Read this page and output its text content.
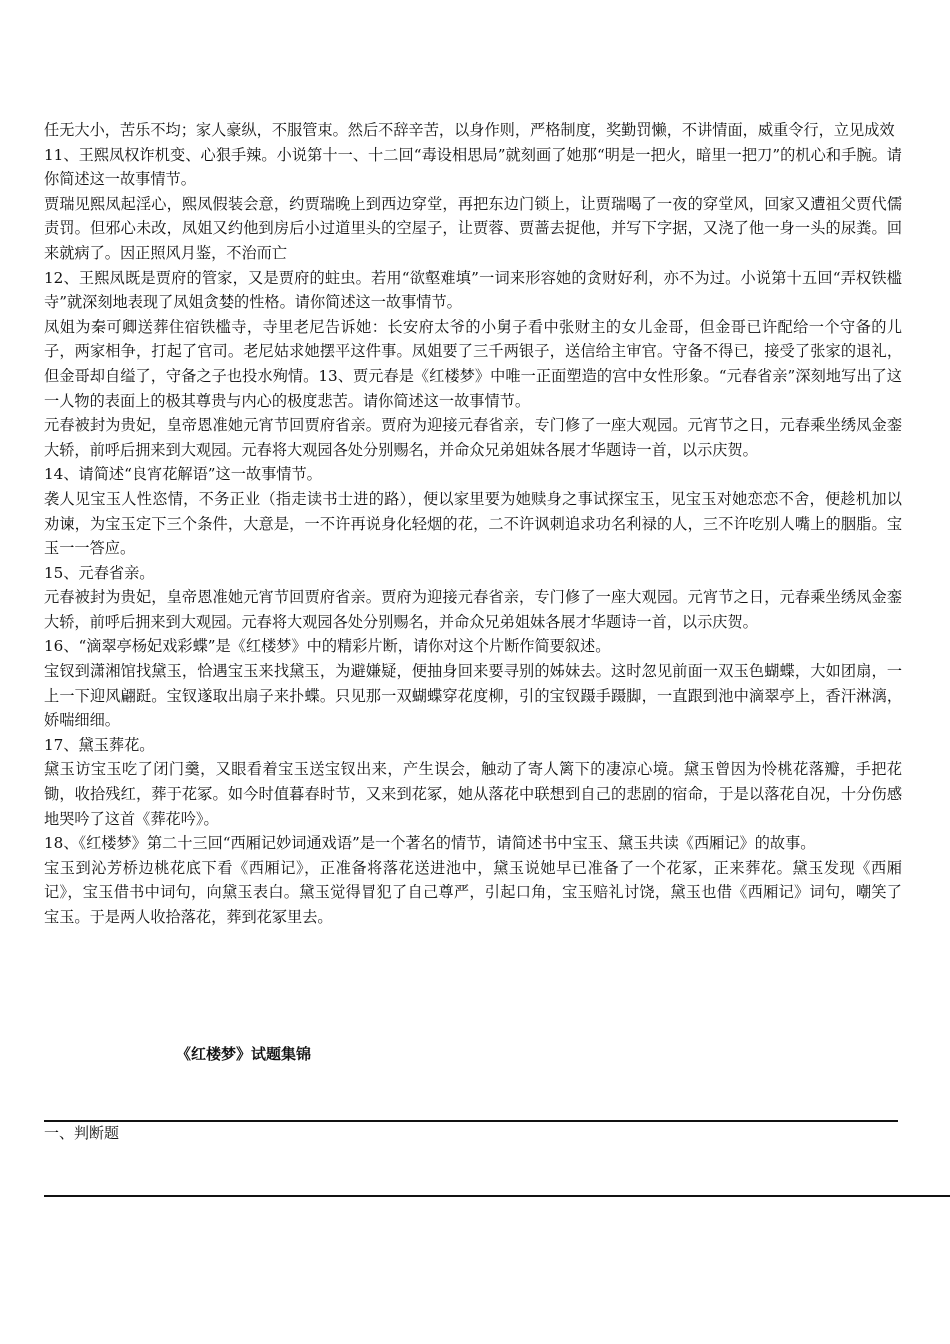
任无大小，苦乐不均；家人豪纵，不服管束。然后不辞辛苦，以身作则，严格制度，奖勤罚懒，不讲情面，威重令行，立见成效

11、王熙凤权诈机变、心狠手辣。小说第十一、十二回“毒设相思局”就刻画了她那“明是一把火，暗里一把刀”的机心和手腕。请你简述这一故事情节。

贾瑞见熙凤起淫心，熙凤假装会意，约贾瑞晚上到西边穿堂，再把东边门锁上，让贾瑞喝了一夜的穿堂风，回家又遭祖父贾代儒责罚。但邪心未改，凤姐又约他到房后小过道里头的空屋子，让贾蓉、贾蔷去捉他，并写下字据，又浇了他一身一头的尿粪。回来就病了。因正照风月鉴，不治而亡

12、王熙凤既是贾府的管家，又是贾府的蛀虫。若用“欲壑难填”一词来形容她的贪财好利，亦不为过。小说第十五回“弄权铁槛寺”就深刻地表现了凤姐贪婪的性格。请你简述这一故事情节。

凤姐为秦可卿送葬住宿铁槛寺，寺里老尼告诉她：长安府太爷的小舅子看中张财主的女儿金哥，但金哥已许配给一个守备的儿子，两家相争，打起了官司。老尼姑求她摆平这件事。凤姐要了三千两银子，送信给主审官。守备不得已，接受了张家的退礼，但金哥却自缢了，守备之子也投水殉情。13、贾元春是《红楼梦》中唯一正面塑造的宫中女性形象。“元春省亲”深刻地写出了这一人物的表面上的极其尊贵与内心的极度悲苦。请你简述这一故事情节。

元春被封为贵妃，皇帝恩准她元宵节回贾府省亲。贾府为迎接元春省亲，专门修了一座大观园。元宵节之日，元春乘坐绣凤金銮大轿，前呼后拥来到大观园。元春将大观园各处分别赐名，并命众兄弟姐妹各展才华题诗一首，以示庆贺。

14、请简述“良宵花解语”这一故事情节。

袭人见宝玉人性恣情，不务正业（指走读书士进的路），便以家里要为她赎身之事试探宝玉，见宝玉对她恋恋不舍，便趁机加以劝谏，为宝玉定下三个条件，大意是，一不许再说身化轻烟的花，二不许讽刺追求功名利禄的人，三不许吃别人嘴上的胭脂。宝玉一一答应。

15、元春省亲。

元春被封为贵妃，皇帝恩准她元宵节回贾府省亲。贾府为迎接元春省亲，专门修了一座大观园。元宵节之日，元春乘坐绣凤金銮大轿，前呼后拥来到大观园。元春将大观园各处分别赐名，并命众兄弟姐妹各展才华题诗一首，以示庆贺。

16、“滴翠亭杨妃戏彩蝶”是《红楼梦》中的精彩片断，请你对这个片断作简要叙述。

宝钗到潇湘馆找黛玉，恰遇宝玉来找黛玉，为避嫌疑，便抽身回来要寻别的姊妹去。这时忽见前面一双玉色蝴蝶，大如团扇，一上一下迎风翩跹。宝钗遂取出扇子来扑蝶。只见那一双蝴蝶穿花度柳，引的宝钗蹑手蹑脚，一直跟到池中滴翠亭上，香汗淋漓，娇喘细细。

17、黛玉葬花。

黛玉访宝玉吃了闭门羹，又眼看着宝玉送宝钗出来，产生误会，触动了寄人篱下的凄凉心境。黛玉曾因为怜桃花落瓣，手把花锄，收拾残红，葬于花冢。如今时值暮春时节，又来到花冢，她从落花中联想到自己的悲剧的宿命，于是以落花自况，十分伤感地哭吟了这首《葬花吟》。

18、《红楼梦》第二十三回“西厢记妙词通戏语”是一个著名的情节，请简述书中宝玉、黛玉共读《西厢记》的故事。

宝玉到沁芳桥边桃花底下看《西厢记》，正准备将落花送进池中，黛玉说她早已准备了一个花冢，正来葬花。黛玉发现《西厢记》，宝玉借书中词句，向黛玉表白。黛玉觉得冒犯了自己尊严，引起口角，宝玉赔礼讨饶，黛玉也借《西厢记》词句，嘲笑了宝玉。于是两人收拾落花，葬到花冢里去。

《红楼梦》试题集锦
一、判断题
